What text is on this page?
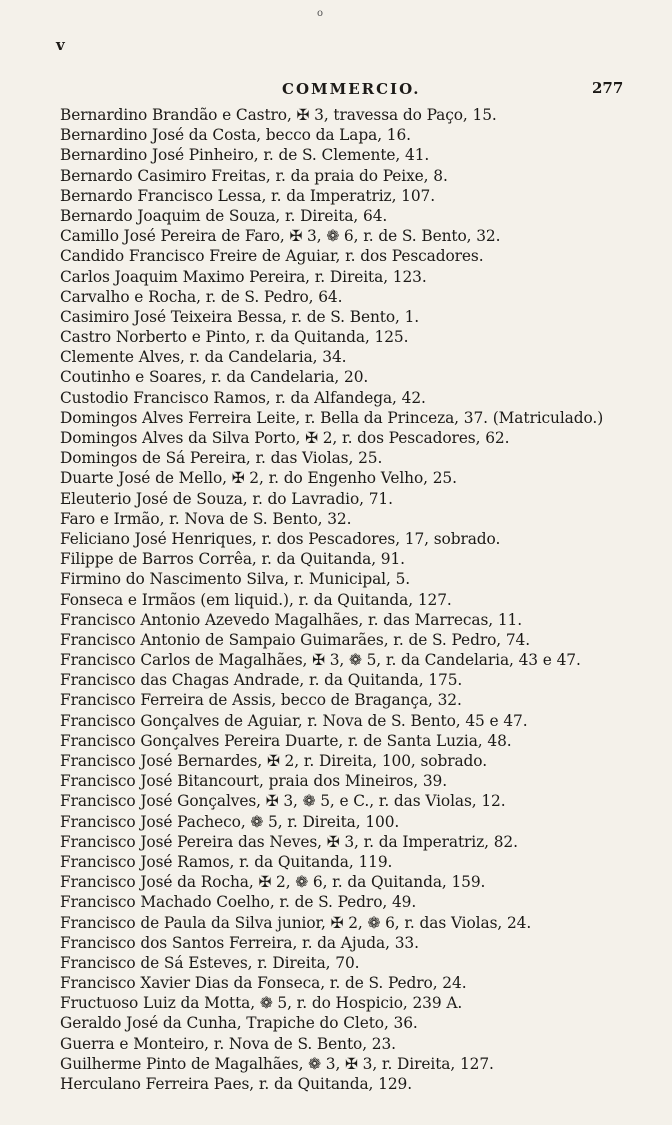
o
v
COMMERCIO.	277
Bernardino Brandão e Castro, ✠ 3, travessa do Paço, 15.
Bernardino José da Costa, becco da Lapa, 16.
Bernardino José Pinheiro, r. de S. Clemente, 41.
Bernardo Casimiro Freitas, r. da praia do Peixe, 8.
Bernardo Francisco Lessa, r. da Imperatriz, 107.
Bernardo Joaquim de Souza, r. Direita, 64.
Camillo José Pereira de Faro, ✠ 3, ❁ 6, r. de S. Bento, 32.
Candido Francisco Freire de Aguiar, r. dos Pescadores.
Carlos Joaquim Maximo Pereira, r. Direita, 123.
Carvalho e Rocha, r. de S. Pedro, 64.
Casimiro José Teixeira Bessa, r. de S. Bento, 1.
Castro Norberto e Pinto, r. da Quitanda, 125.
Clemente Alves, r. da Candelaria, 34.
Coutinho e Soares, r. da Candelaria, 20.
Custodio Francisco Ramos, r. da Alfandega, 42.
Domingos Alves Ferreira Leite, r. Bella da Princeza, 37. (Matriculado.)
Domingos Alves da Silva Porto, ✠ 2, r. dos Pescadores, 62.
Domingos de Sá Pereira, r. das Violas, 25.
Duarte José de Mello, ✠ 2, r. do Engenho Velho, 25.
Eleuterio José de Souza, r. do Lavradio, 71.
Faro e Irmão, r. Nova de S. Bento, 32.
Feliciano José Henriques, r. dos Pescadores, 17, sobrado.
Filippe de Barros Corrêa, r. da Quitanda, 91.
Firmino do Nascimento Silva, r. Municipal, 5.
Fonseca e Irmãos (em liquid.), r. da Quitanda, 127.
Francisco Antonio Azevedo Magalhães, r. das Marrecas, 11.
Francisco Antonio de Sampaio Guimarães, r. de S. Pedro, 74.
Francisco Carlos de Magalhães, ✠ 3, ❁ 5, r. da Candelaria, 43 e 47.
Francisco das Chagas Andrade, r. da Quitanda, 175.
Francisco Ferreira de Assis, becco de Bragança, 32.
Francisco Gonçalves de Aguiar, r. Nova de S. Bento, 45 e 47.
Francisco Gonçalves Pereira Duarte, r. de Santa Luzia, 48.
Francisco José Bernardes, ✠ 2, r. Direita, 100, sobrado.
Francisco José Bitancourt, praia dos Mineiros, 39.
Francisco José Gonçalves, ✠ 3, ❁ 5, e C., r. das Violas, 12.
Francisco José Pacheco, ❁ 5, r. Direita, 100.
Francisco José Pereira das Neves, ✠ 3, r. da Imperatriz, 82.
Francisco José Ramos, r. da Quitanda, 119.
Francisco José da Rocha, ✠ 2, ❁ 6, r. da Quitanda, 159.
Francisco Machado Coelho, r. de S. Pedro, 49.
Francisco de Paula da Silva junior, ✠ 2, ❁ 6, r. das Violas, 24.
Francisco dos Santos Ferreira, r. da Ajuda, 33.
Francisco de Sá Esteves, r. Direita, 70.
Francisco Xavier Dias da Fonseca, r. de S. Pedro, 24.
Fructuoso Luiz da Motta, ❁ 5, r. do Hospicio, 239 A.
Geraldo José da Cunha, Trapiche do Cleto, 36.
Guerra e Monteiro, r. Nova de S. Bento, 23.
Guilherme Pinto de Magalhães, ❁ 3, ✠ 3, r. Direita, 127.
Herculano Ferreira Paes, r. da Quitanda, 129.
